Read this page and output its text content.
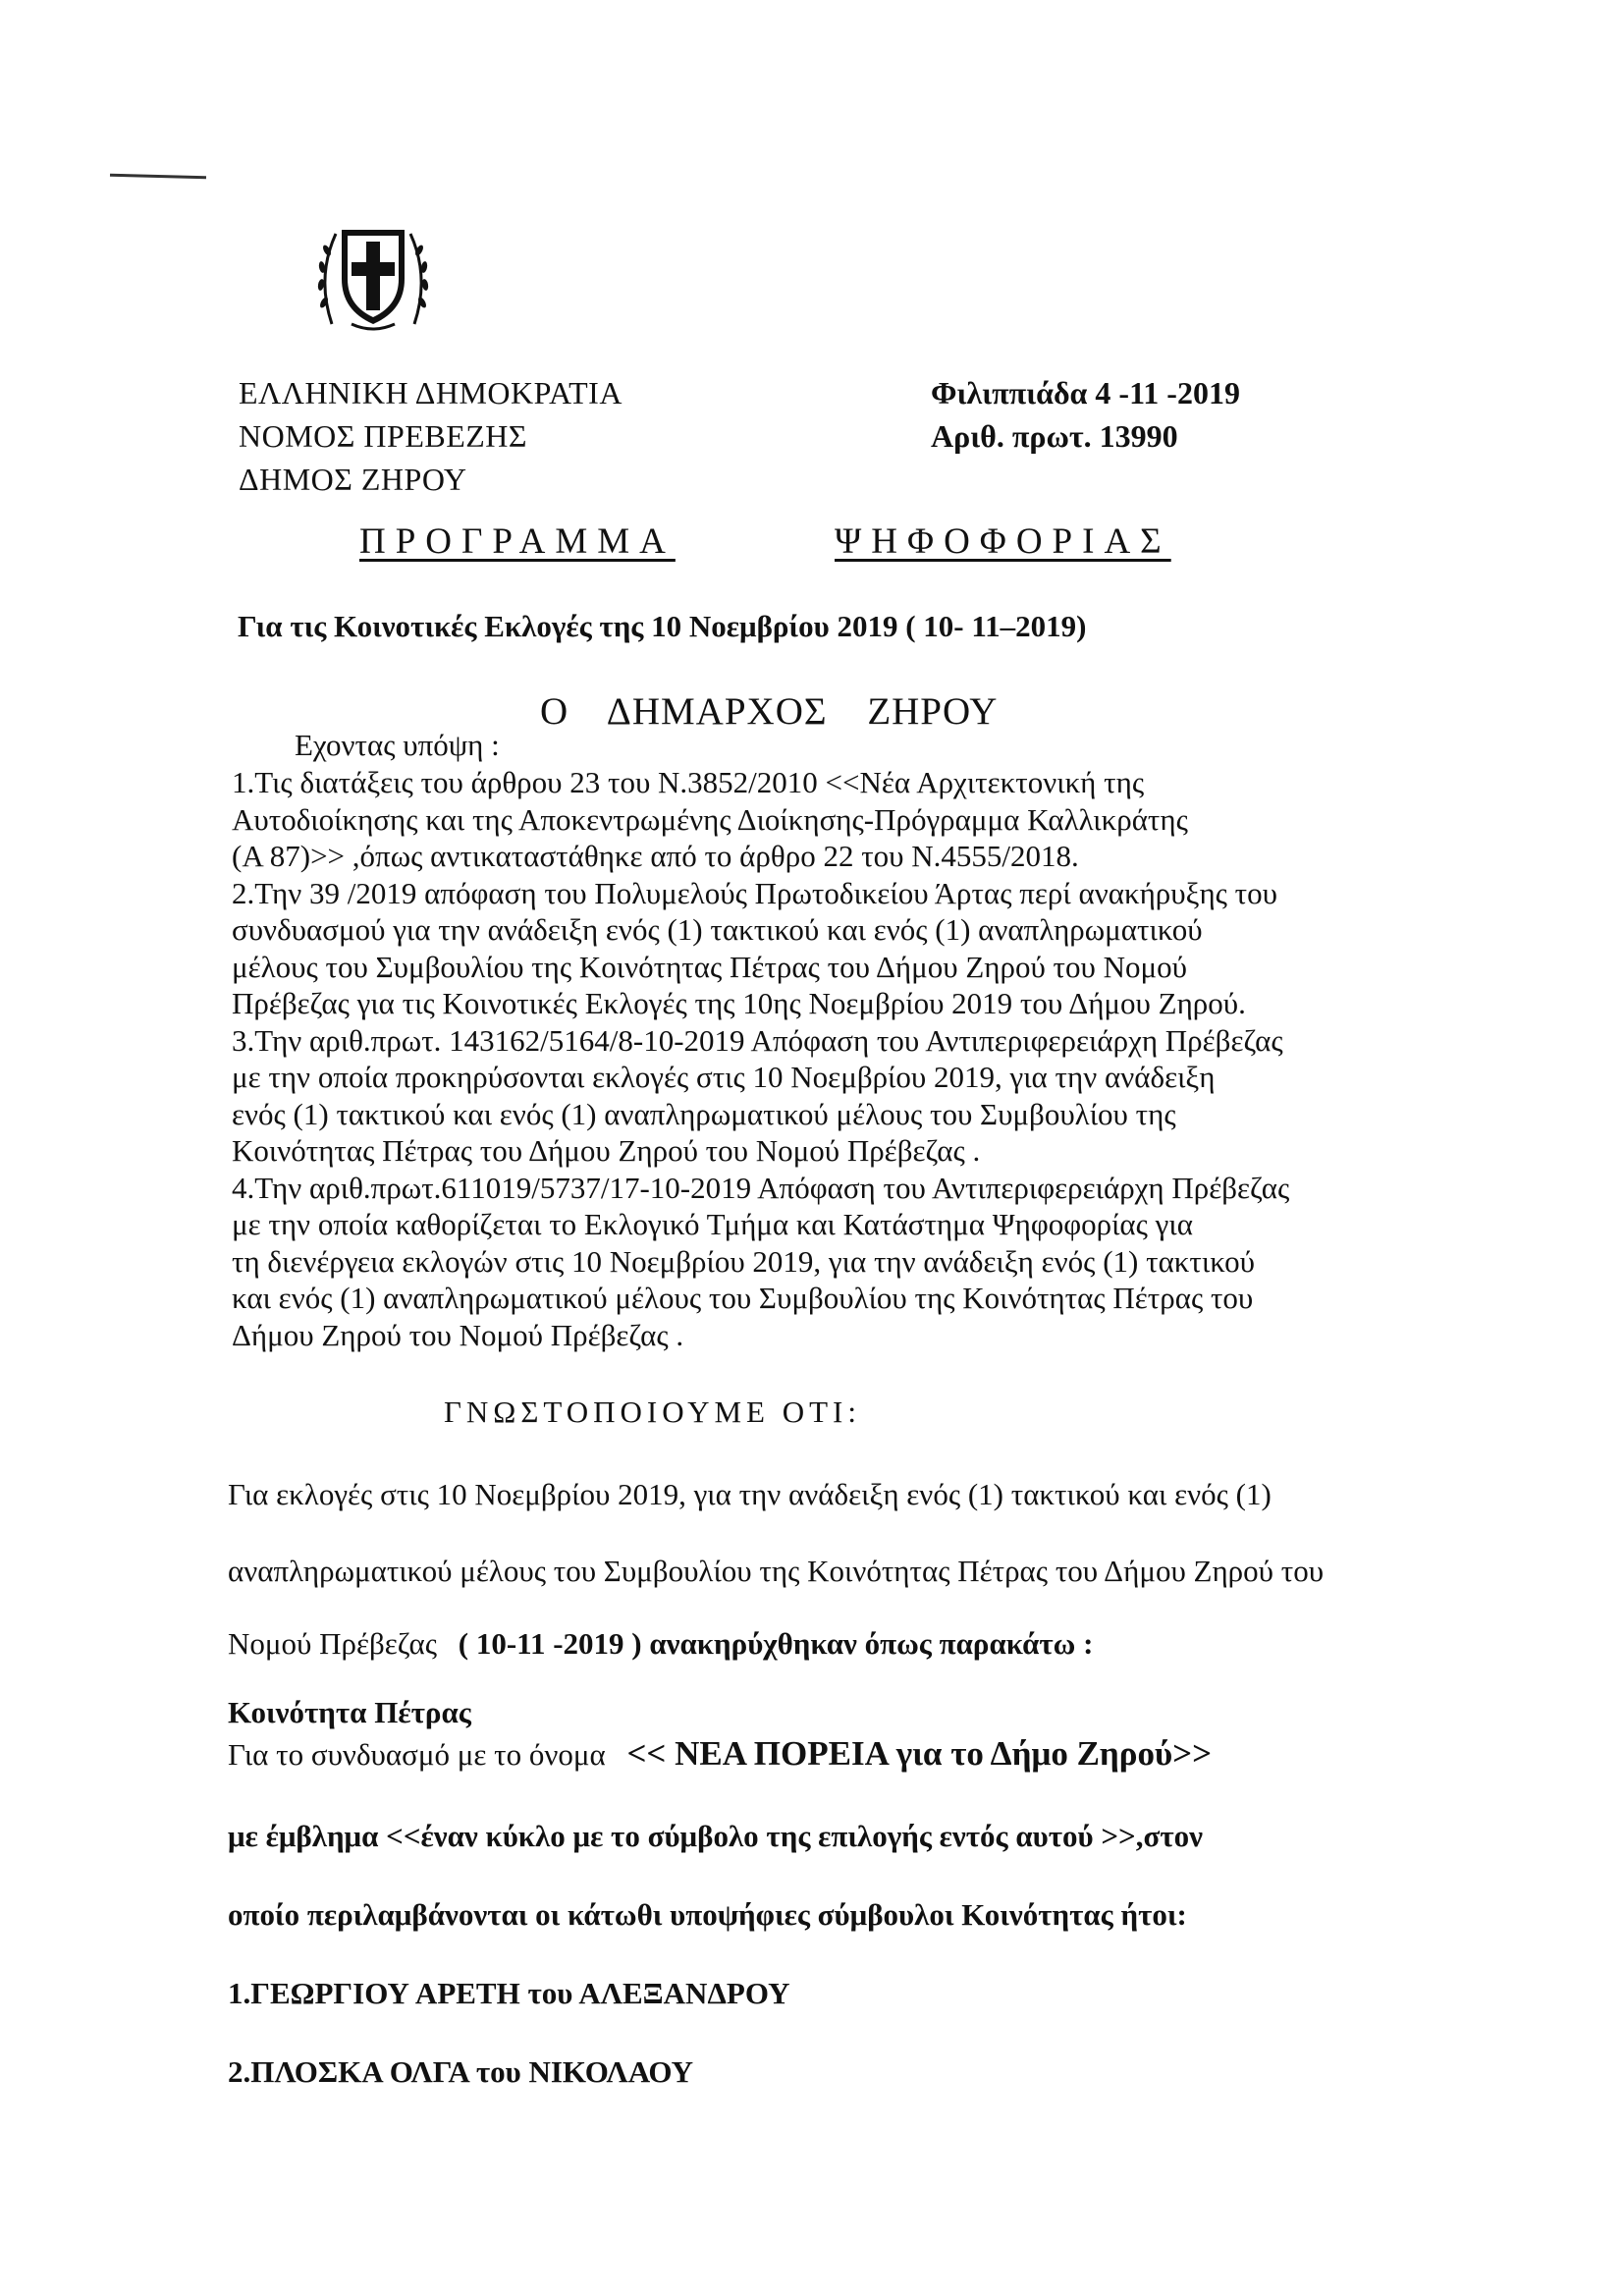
ΕΛΛΗΝΙΚΗ ΔΗΜΟΚΡΑΤΙΑ
ΝΟΜΟΣ ΠΡΕΒΕΖΗΣ
ΔΗΜΟΣ ΖΗΡΟΥ
Φιλιππιάδα 4 -11 -2019
Αριθ. πρωτ. 13990
ΠΡΟΓΡΑΜΜΑ	ΨΗΦΟΦΟΡΙΑΣ
Για τις Κοινοτικές Εκλογές της 10 Νοεμβρίου 2019 ( 10- 11–2019)
Ο ΔΗΜΑΡΧΟΣ ΖΗΡΟΥ
Εχοντας υπόψη :
1.Τις διατάξεις του άρθρου 23 του Ν.3852/2010 <<Νέα Αρχιτεκτονική της
Αυτοδιοίκησης και της Αποκεντρωμένης Διοίκησης-Πρόγραμμα Καλλικράτης
(Α 87)>> ,όπως αντικαταστάθηκε από το άρθρο 22 του Ν.4555/2018.
2.Την 39 /2019 απόφαση του Πολυμελούς Πρωτοδικείου Άρτας περί ανακήρυξης του
συνδυασμού για την ανάδειξη ενός (1) τακτικού και ενός (1) αναπληρωματικού
μέλους του Συμβουλίου της Κοινότητας Πέτρας του Δήμου Ζηρού του Νομού
Πρέβεζας για τις Κοινοτικές Εκλογές της 10ης Νοεμβρίου 2019 του Δήμου Ζηρού.
3.Την αριθ.πρωτ. 143162/5164/8-10-2019 Απόφαση του Αντιπεριφερειάρχη Πρέβεζας
με την οποία προκηρύσονται εκλογές στις 10 Νοεμβρίου 2019, για την ανάδειξη
ενός (1) τακτικού και ενός (1) αναπληρωματικού μέλους του Συμβουλίου της
Κοινότητας Πέτρας του Δήμου Ζηρού του Νομού Πρέβεζας .
4.Την αριθ.πρωτ.611019/5737/17-10-2019 Απόφαση του Αντιπεριφερειάρχη Πρέβεζας
με την οποία καθορίζεται το Εκλογικό Τμήμα και Κατάστημα Ψηφοφορίας για
τη διενέργεια εκλογών στις 10 Νοεμβρίου 2019, για την ανάδειξη ενός (1) τακτικού
και ενός (1) αναπληρωματικού μέλους του Συμβουλίου της Κοινότητας Πέτρας του
Δήμου Ζηρού του Νομού Πρέβεζας .
ΓΝΩΣΤΟΠΟΙΟΥΜΕ ΟΤΙ:
Για εκλογές στις 10 Νοεμβρίου 2019, για την ανάδειξη ενός (1) τακτικού και ενός (1)
αναπληρωματικού μέλους του Συμβουλίου της Κοινότητας Πέτρας του Δήμου Ζηρού του
Νομού Πρέβεζας ( 10-11 -2019 ) ανακηρύχθηκαν όπως παρακάτω :
Κοινότητα Πέτρας
Για το συνδυασμό με το όνομα << ΝΕΑ ΠΟΡΕΙΑ για το Δήμο Ζηρού>>
με έμβλημα <<έναν κύκλο με το σύμβολο της επιλογής εντός αυτού >>,στον
οποίο περιλαμβάνονται οι κάτωθι υποψήφιες σύμβουλοι Κοινότητας ήτοι:
1.ΓΕΩΡΓΙΟΥ ΑΡΕΤΗ του ΑΛΕΞΑΝΔΡΟΥ
2.ΠΛΟΣΚΑ ΟΛΓΑ του ΝΙΚΟΛΑΟΥ
